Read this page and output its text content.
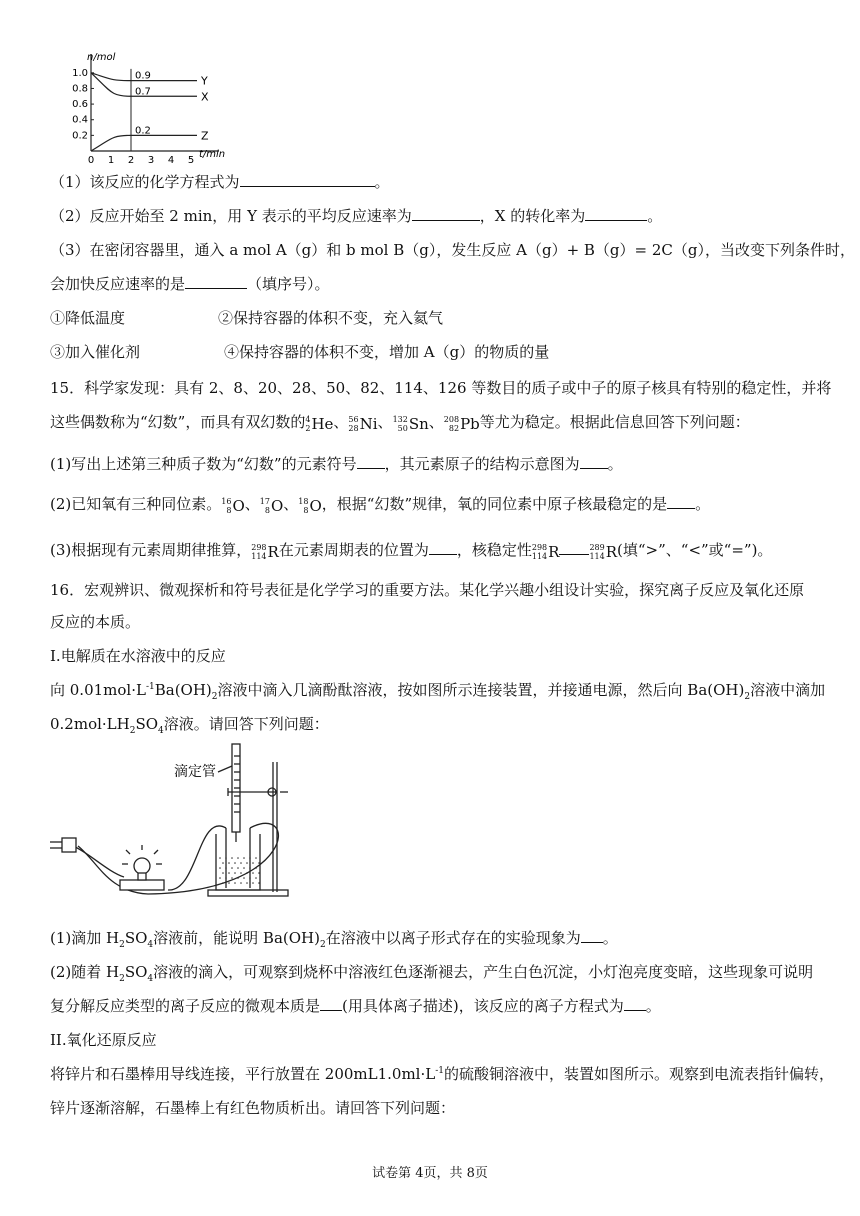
n/mol
t/min
1.0
0.8
0.6
0.4
0.2
0 1 2 3 4 5
0.9	Y
0.7	X
0.2	Z
（1）该反应的化学方程式为	。
（2）反应开始至 2 min，用 Y 表示的平均反应速率为	，X 的转化率为	。
（3）在密闭容器里，通入 a mol A（g）和 b mol B（g），发生反应 A（g）+ B（g）= 2C（g），当改变下列条件时，
会加快反应速率的是	（填序号）。
①降低温度	②保持容器的体积不变，充入氦气
③加入催化剂	④保持容器的体积不变，增加 A（g）的物质的量
15．科学家发现：具有 2、8、20、28、50、82、114、126 等数目的质子或中子的原子核具有特别的稳定性，并将
这些偶数称为“幻数”，而具有双幻数的 4
2 He、 56
28 Ni、 132
50 Sn、 208
82 Pb等尤为稳定。根据此信息回答下列问题：
(1)写出上述第三种质子数为“幻数”的元素符号 ，其元素原子的结构示意图为 。
(2)已知氧有三种同位素。 16
8 O、 17
8 O、 18
8 O，根据“幻数”规律，氧的同位素中原子核最稳定的是 。
(3)根据现有元素周期律推算， 298
114 R在元素周期表的位置为 ，核稳定性 298
114 R	289
114 R(填“>”、“<”或“=”)。
16．宏观辨识、微观探析和符号表征是化学学习的重要方法。某化学兴趣小组设计实验，探究离子反应及氧化还原
反应的本质。
I.电解质在水溶液中的反应
向 $0.01mol\cdot L^{-1}Ba(OH)_2$溶液中滴入几滴酚酞溶液，按如图所示连接装置，并接通电源，然后向 $Ba(OH)_2$溶液中滴加
$0.2mol\cdot LH_2SO_4$溶液。请回答下列问题：
滴定管
(1)滴加 $H_2SO_4$溶液前，能说明 $Ba(OH)_2$在溶液中以离子形式存在的实验现象为 。
(2)随着 $H_2SO_4$溶液的滴入，可观察到烧杯中溶液红色逐渐褪去，产生白色沉淀，小灯泡亮度变暗，这些现象可说明
复分解反应类型的离子反应的微观本质是 (用具体离子描述)，该反应的离子方程式为 。
II.氧化还原反应
将锌片和石墨棒用导线连接，平行放置在 $200mL1.0ml\cdot L^{-1}$的硫酸铜溶液中，装置如图所示。观察到电流表指针偏转，
锌片逐渐溶解，石墨棒上有红色物质析出。请回答下列问题：
试卷第 4页，共 8页
